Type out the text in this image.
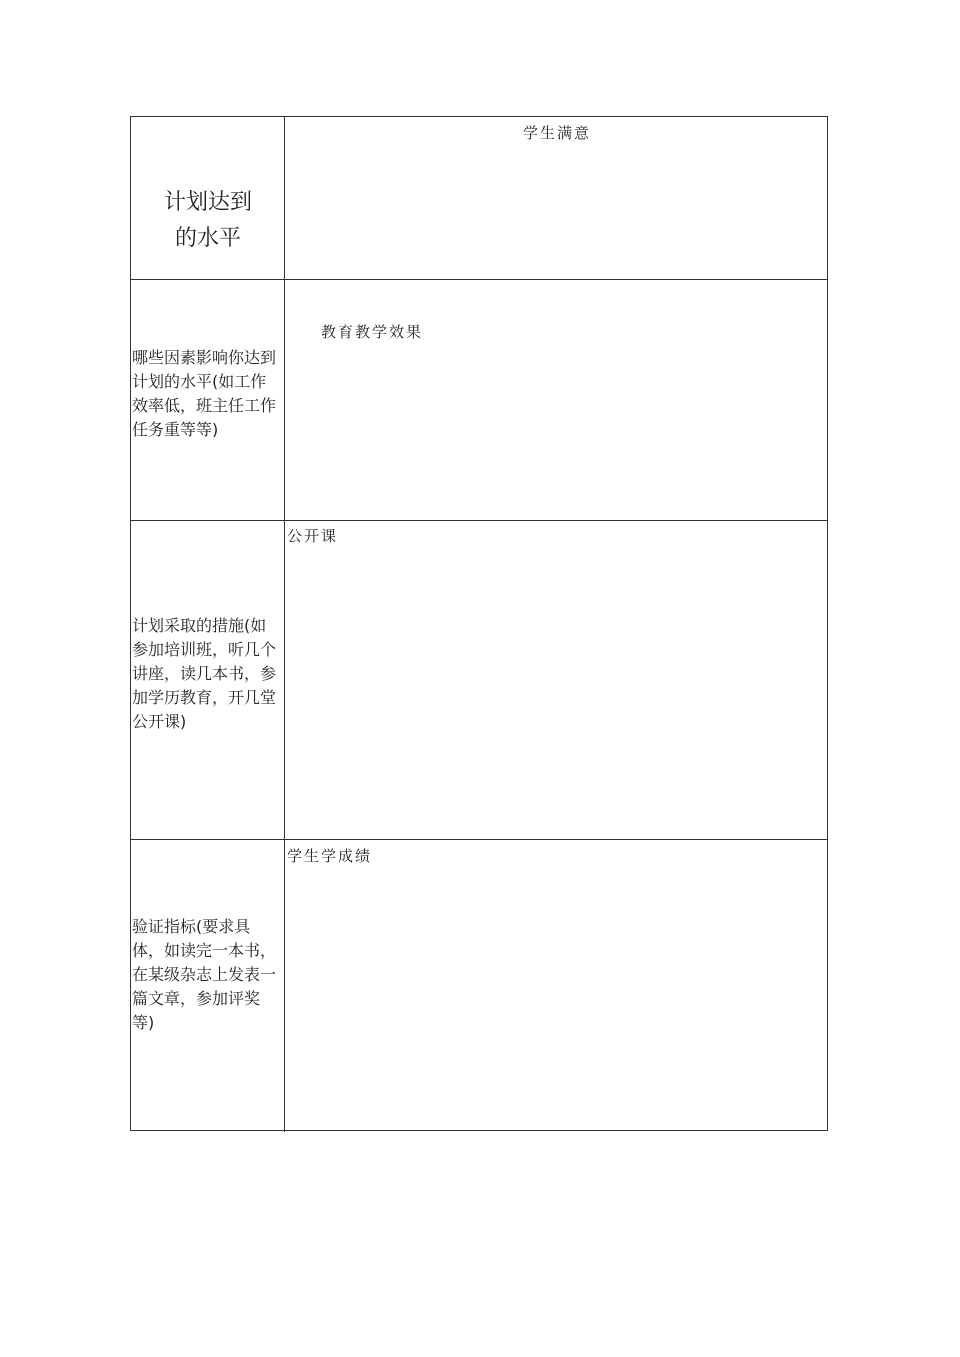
计划达到
的水平
学生满意
哪些因素影响你达到
计划的水平(如工作
效率低，班主任工作
任务重等等)
教育教学效果
计划采取的措施(如
参加培训班，听几个
讲座，读几本书，参
加学历教育，开几堂
公开课)
公开课
验证指标(要求具
体，如读完一本书，
在某级杂志上发表一
篇文章，参加评奖
等)
学生学成绩
